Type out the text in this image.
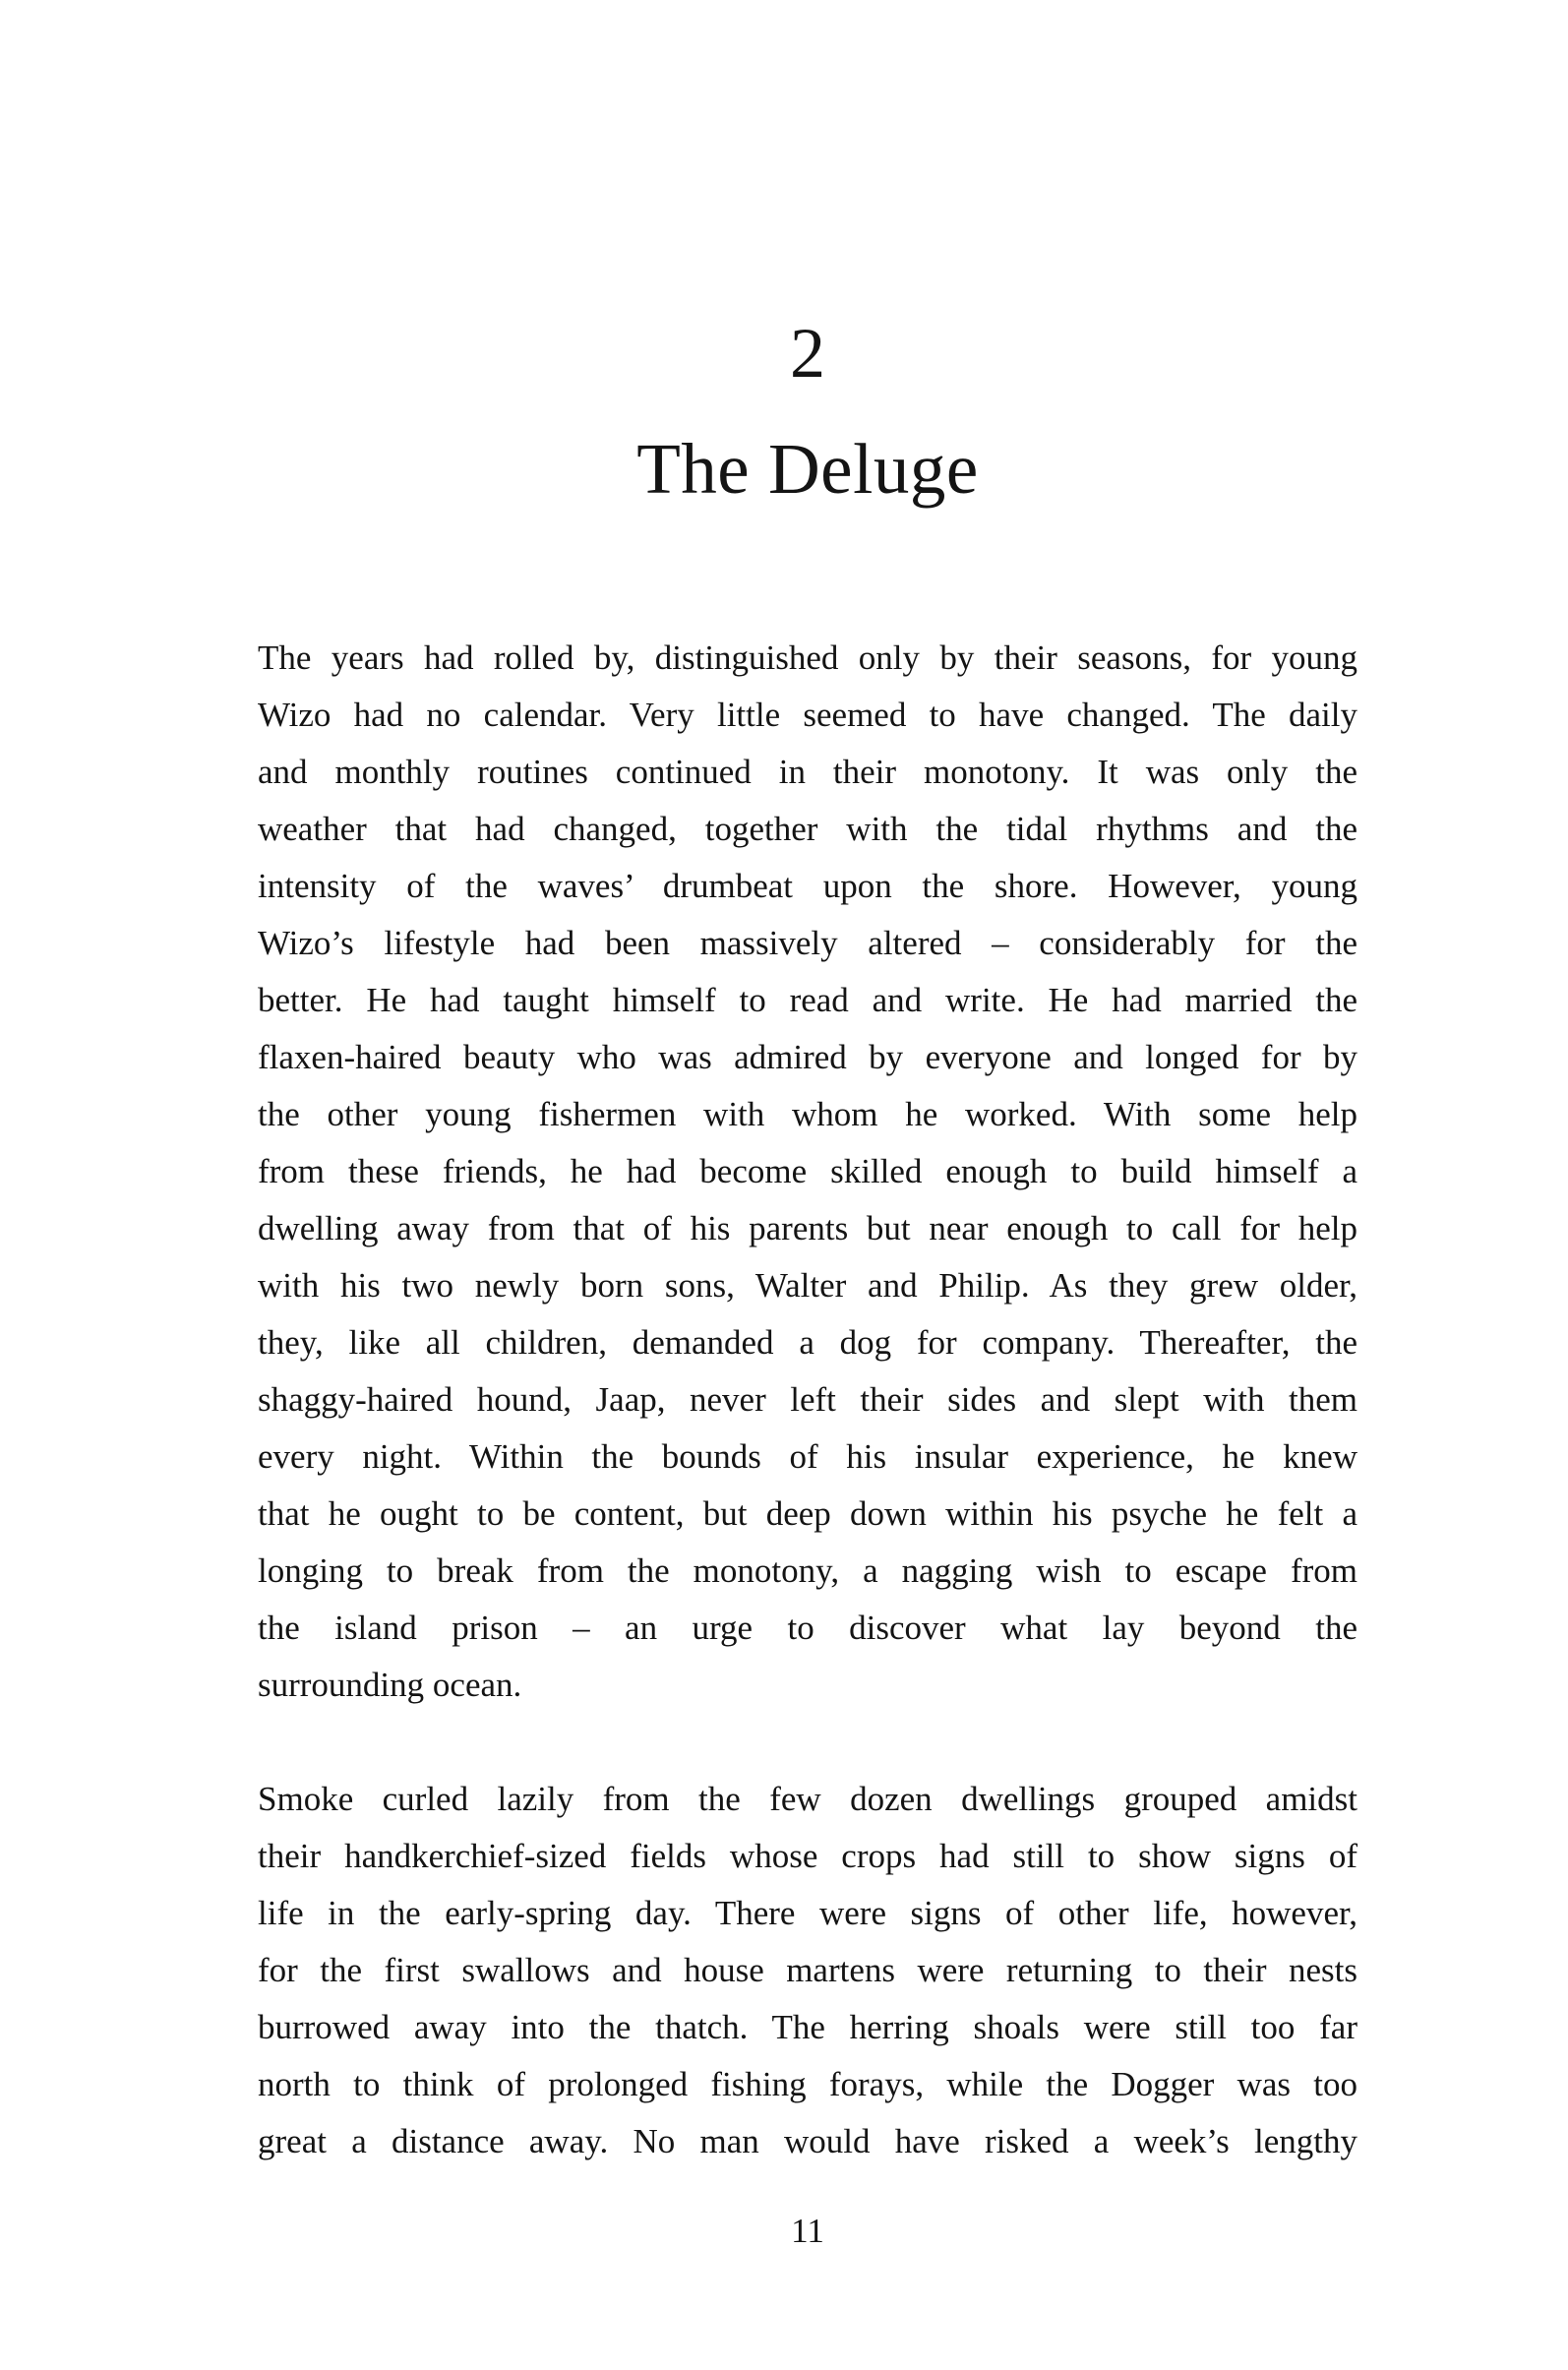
2
The Deluge
The years had rolled by, distinguished only by their seasons, for young
Wizo had no calendar. Very little seemed to have changed. The daily
and monthly routines continued in their monotony. It was only the
weather that had changed, together with the tidal rhythms and the
intensity of the waves’ drumbeat upon the shore. However, young
Wizo’s lifestyle had been massively altered – considerably for the
better. He had taught himself to read and write. He had married the
flaxen-haired beauty who was admired by everyone and longed for by
the other young fishermen with whom he worked. With some help
from these friends, he had become skilled enough to build himself a
dwelling away from that of his parents but near enough to call for help
with his two newly born sons, Walter and Philip. As they grew older,
they, like all children, demanded a dog for company. Thereafter, the
shaggy-haired hound, Jaap, never left their sides and slept with them
every night. Within the bounds of his insular experience, he knew
that he ought to be content, but deep down within his psyche he felt a
longing to break from the monotony, a nagging wish to escape from
the island prison – an urge to discover what lay beyond the
surrounding ocean.
Smoke curled lazily from the few dozen dwellings grouped amidst
their handkerchief-sized fields whose crops had still to show signs of
life in the early-spring day. There were signs of other life, however,
for the first swallows and house martens were returning to their nests
burrowed away into the thatch. The herring shoals were still too far
north to think of prolonged fishing forays, while the Dogger was too
great a distance away. No man would have risked a week’s lengthy
11
